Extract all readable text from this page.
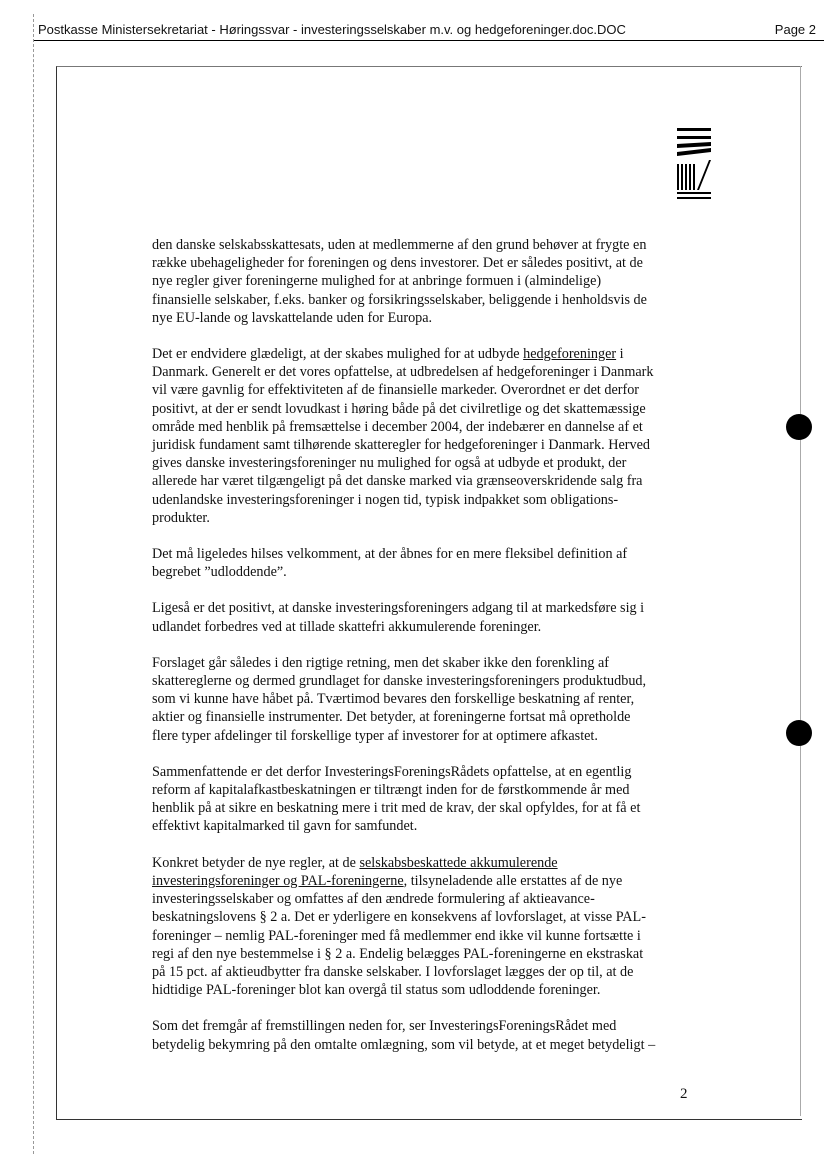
Postkasse Ministersekretariat - Høringssvar - investeringsselskaber m.v. og hedgeforeninger.doc.DOC	Page 2

den danske selskabsskattesats, uden at medlemmerne af den grund behøver at frygte en
række ubehageligheder for foreningen og dens investorer. Det er således positivt, at de
nye regler giver foreningerne mulighed for at anbringe formuen i (almindelige)
finansielle selskaber, f.eks. banker og forsikringsselskaber, beliggende i henholdsvis de
nye EU-lande og lavskattelande uden for Europa.

Det er endvidere glædeligt, at der skabes mulighed for at udbyde hedgeforeninger i
Danmark. Generelt er det vores opfattelse, at udbredelsen af hedgeforeninger i Danmark
vil være gavnlig for effektiviteten af de finansielle markeder. Overordnet er det derfor
positivt, at der er sendt lovudkast i høring både på det civilretlige og det skattemæssige
område med henblik på fremsættelse i december 2004, der indebærer en dannelse af et
juridisk fundament samt tilhørende skatteregler for hedgeforeninger i Danmark. Herved
gives danske investeringsforeninger nu mulighed for også at udbyde et produkt, der
allerede har været tilgængeligt på det danske marked via grænseoverskridende salg fra
udenlandske investeringsforeninger i nogen tid, typisk indpakket som obligations-
produkter.

Det må ligeledes hilses velkomment, at der åbnes for en mere fleksibel definition af
begrebet ”udloddende”.

Ligeså er det positivt, at danske investeringsforeningers adgang til at markedsføre sig i
udlandet forbedres ved at tillade skattefri akkumulerende foreninger.

Forslaget går således i den rigtige retning, men det skaber ikke den forenkling af
skattereglerne og dermed grundlaget for danske investeringsforeningers produktudbud,
som vi kunne have håbet på. Tværtimod bevares den forskellige beskatning af renter,
aktier og finansielle instrumenter. Det betyder, at foreningerne fortsat må opretholde
flere typer afdelinger til forskellige typer af investorer for at optimere afkastet.

Sammenfattende er det derfor InvesteringsForeningsRådets opfattelse, at en egentlig
reform af kapitalafkastbeskatningen er tiltrængt inden for de førstkommende år med
henblik på at sikre en beskatning mere i trit med de krav, der skal opfyldes, for at få et
effektivt kapitalmarked til gavn for samfundet.

Konkret betyder de nye regler, at de selskabsbeskattede akkumulerende
investeringsforeninger og PAL-foreningerne, tilsyneladende alle erstattes af de nye
investeringsselskaber og omfattes af den ændrede formulering af aktieavance-
beskatningslovens § 2 a. Det er yderligere en konsekvens af lovforslaget, at visse PAL-
foreninger – nemlig PAL-foreninger med få medlemmer end ikke vil kunne fortsætte i
regi af den nye bestemmelse i § 2 a. Endelig belægges PAL-foreningerne en ekstraskat
på 15 pct. af aktieudbytter fra danske selskaber. I lovforslaget lægges der op til, at de
hidtidige PAL-foreninger blot kan overgå til status som udloddende foreninger.

Som det fremgår af fremstillingen neden for, ser InvesteringsForeningsRådet med
betydelig bekymring på den omtalte omlægning, som vil betyde, at et meget betydeligt –

2
